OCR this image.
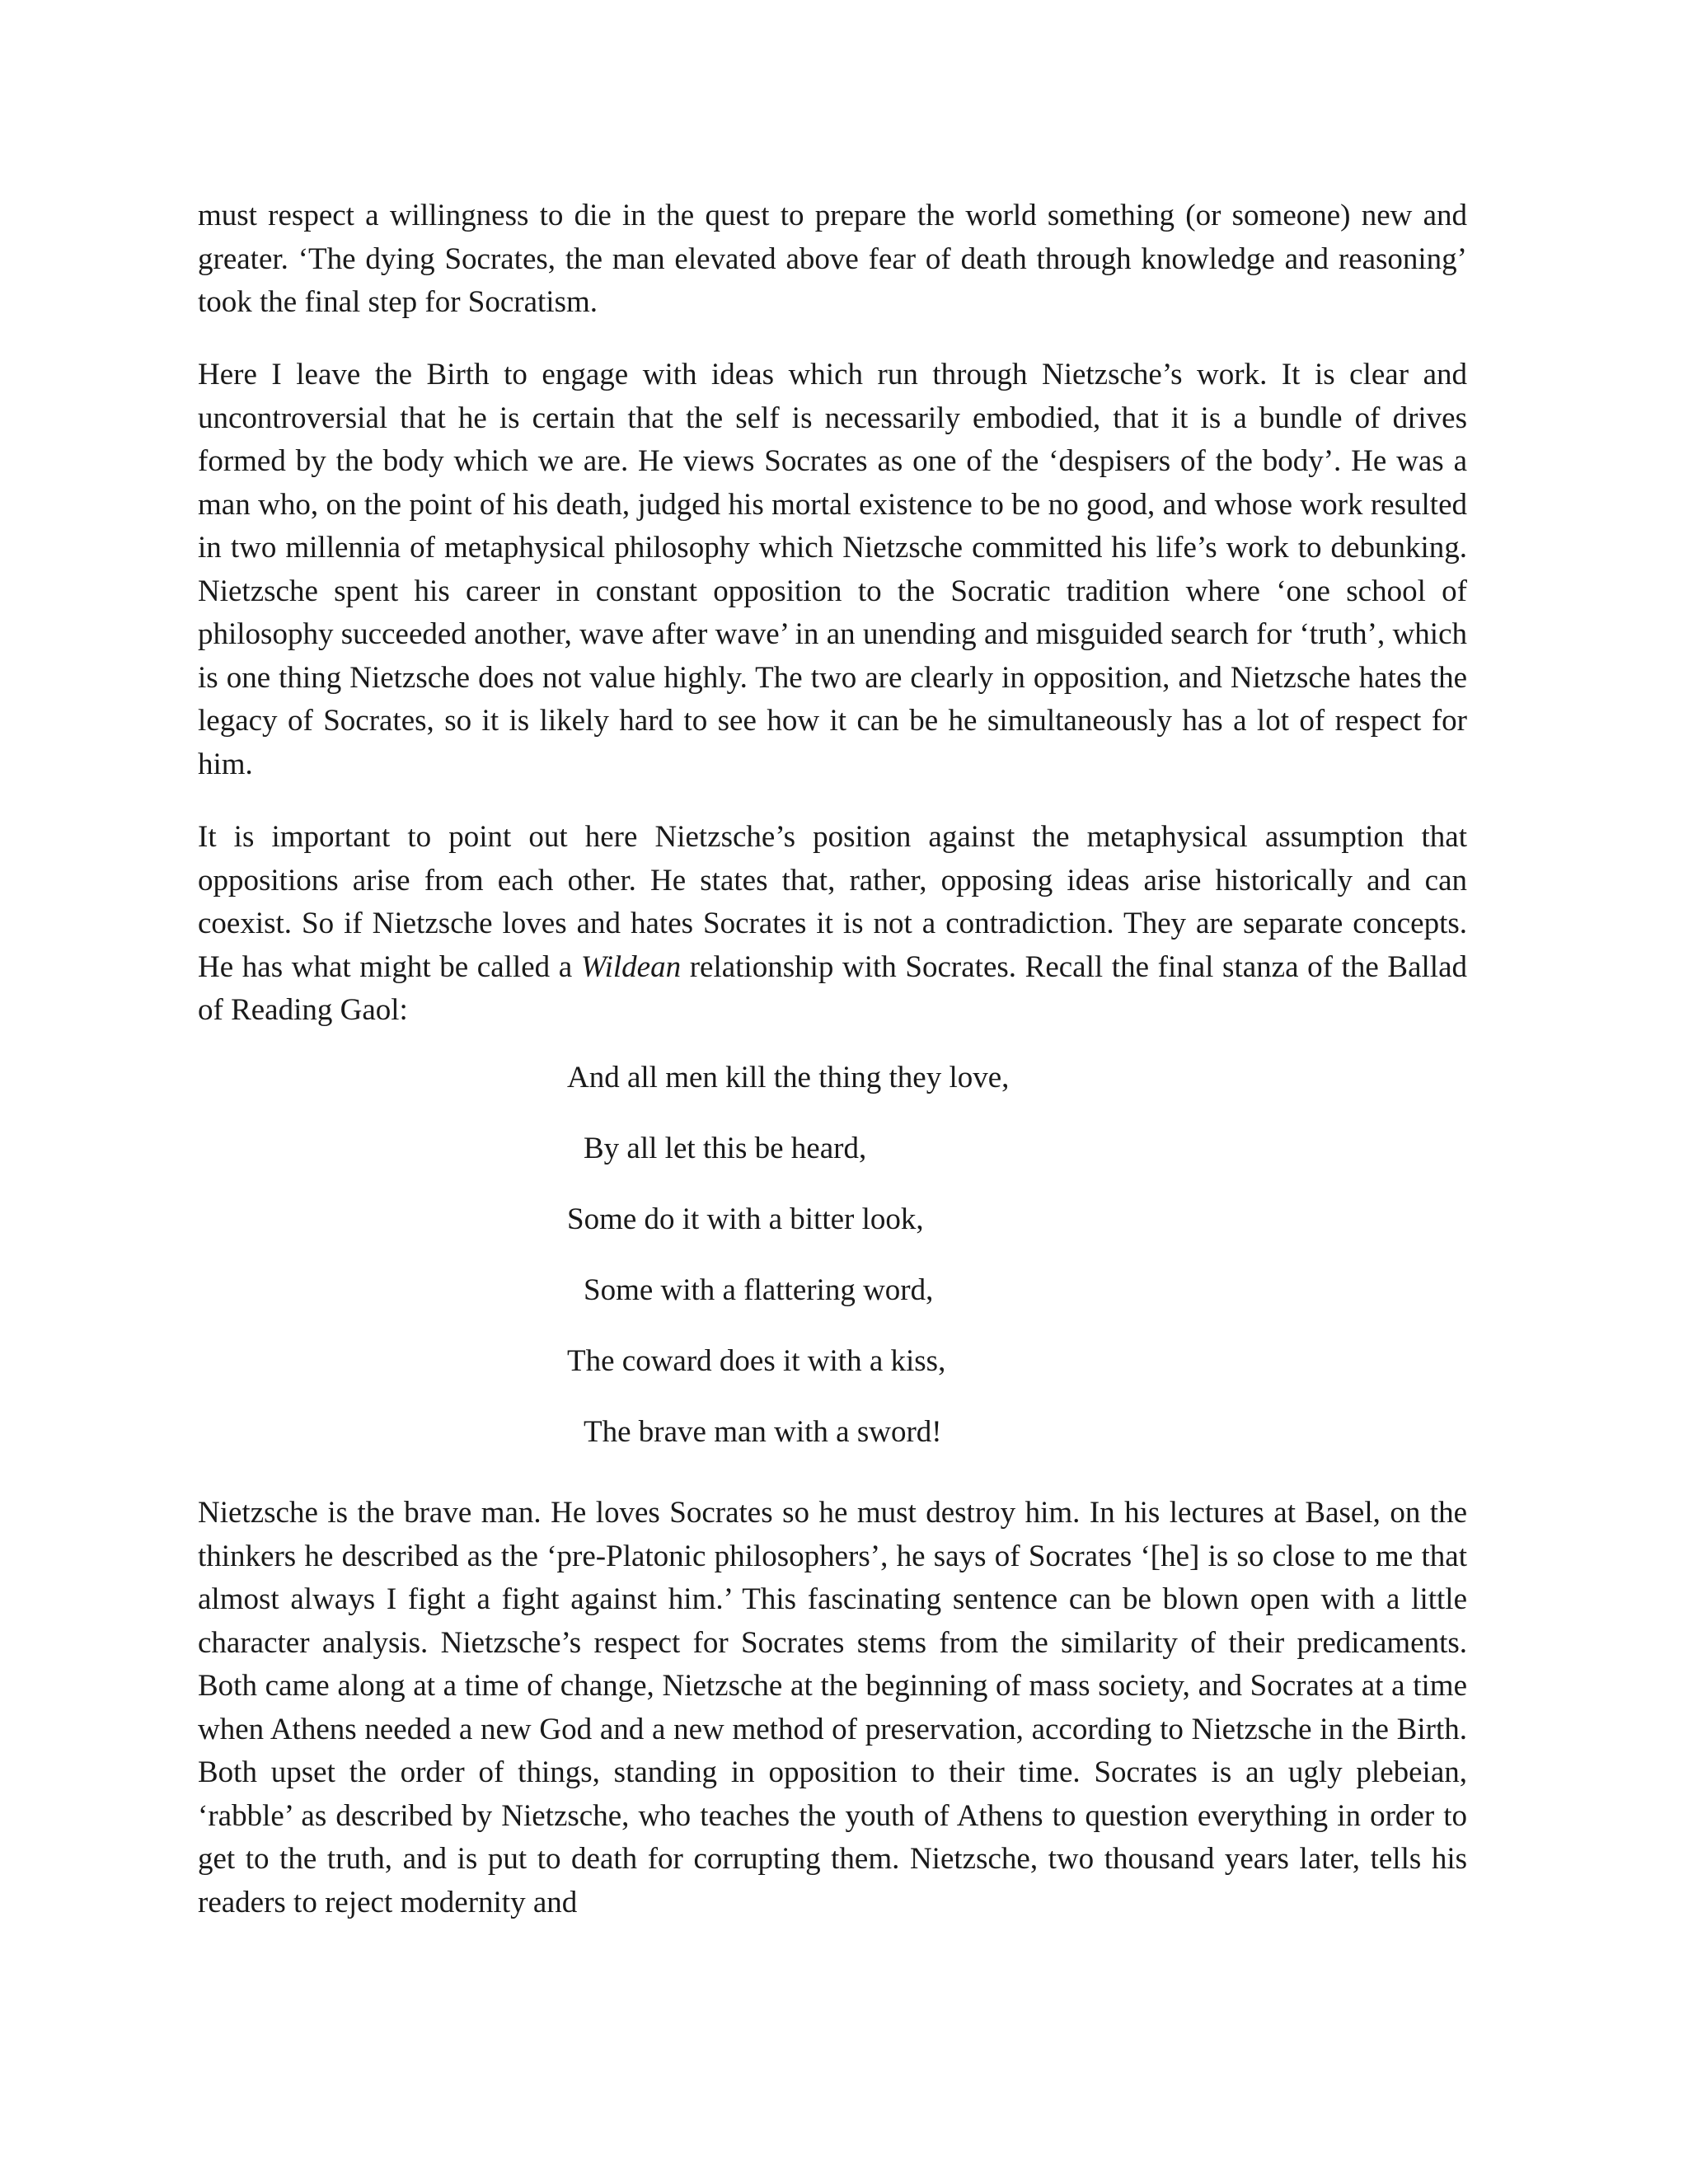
must respect a willingness to die in the quest to prepare the world something (or someone) new and greater. ‘The dying Socrates, the man elevated above fear of death through knowledge and reasoning’ took the final step for Socratism.

Here I leave the Birth to engage with ideas which run through Nietzsche’s work. It is clear and uncontroversial that he is certain that the self is necessarily embodied, that it is a bundle of drives formed by the body which we are. He views Socrates as one of the ‘despisers of the body’. He was a man who, on the point of his death, judged his mortal existence to be no good, and whose work resulted in two millennia of metaphysical philosophy which Nietzsche committed his life’s work to debunking. Nietzsche spent his career in constant opposition to the Socratic tradition where ‘one school of philosophy succeeded another, wave after wave’ in an unending and misguided search for ‘truth’, which is one thing Nietzsche does not value highly. The two are clearly in opposition, and Nietzsche hates the legacy of Socrates, so it is likely hard to see how it can be he simultaneously has a lot of respect for him.

It is important to point out here Nietzsche’s position against the metaphysical assumption that oppositions arise from each other. He states that, rather, opposing ideas arise historically and can coexist. So if Nietzsche loves and hates Socrates it is not a contradiction. They are separate concepts. He has what might be called a Wildean relationship with Socrates. Recall the final stanza of the Ballad of Reading Gaol:

And all men kill the thing they love,
By all let this be heard,
Some do it with a bitter look,
Some with a flattering word,
The coward does it with a kiss,
The brave man with a sword!

Nietzsche is the brave man. He loves Socrates so he must destroy him. In his lectures at Basel, on the thinkers he described as the ‘pre-Platonic philosophers’, he says of Socrates ‘[he] is so close to me that almost always I fight a fight against him.’ This fascinating sentence can be blown open with a little character analysis. Nietzsche’s respect for Socrates stems from the similarity of their predicaments. Both came along at a time of change, Nietzsche at the beginning of mass society, and Socrates at a time when Athens needed a new God and a new method of preservation, according to Nietzsche in the Birth. Both upset the order of things, standing in opposition to their time. Socrates is an ugly plebeian, ‘rabble’ as described by Nietzsche, who teaches the youth of Athens to question everything in order to get to the truth, and is put to death for corrupting them. Nietzsche, two thousand years later, tells his readers to reject modernity and
